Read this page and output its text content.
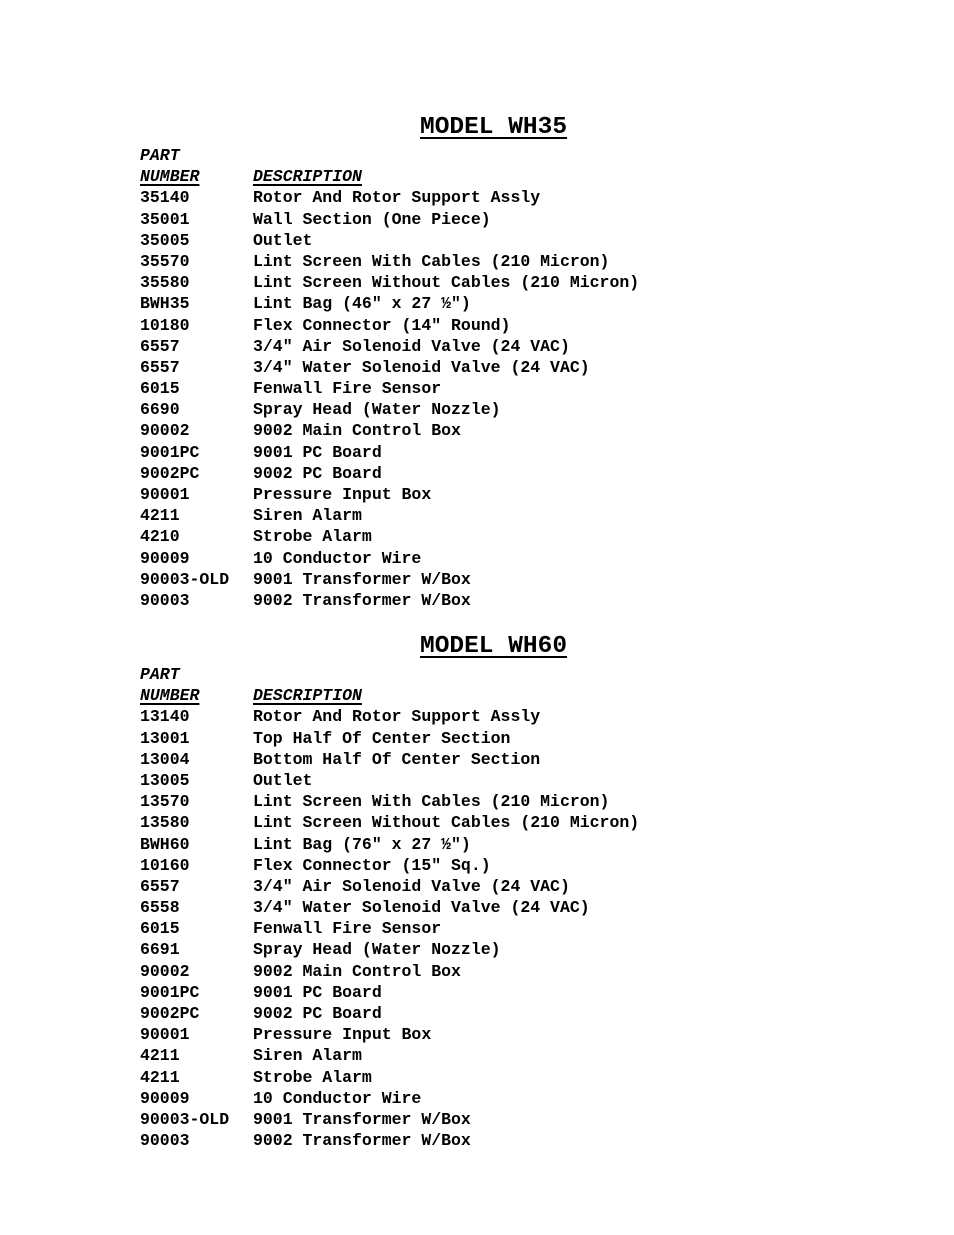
MODEL WH35
PART
NUMBER	DESCRIPTION
35140	Rotor And Rotor Support Assly
35001	Wall Section (One Piece)
35005	Outlet
35570	Lint Screen With Cables (210 Micron)
35580	Lint Screen Without Cables (210 Micron)
BWH35	Lint Bag (46″ x 27 ½″)
10180	Flex Connector (14″ Round)
6557	3/4″ Air Solenoid Valve (24 VAC)
6557	3/4" Water Solenoid Valve (24 VAC)
6015	Fenwall Fire Sensor
6690	Spray Head (Water Nozzle)
90002	9002 Main Control Box
9001PC	9001 PC Board
9002PC	9002 PC Board
90001	Pressure Input Box
4211	Siren Alarm
4210	Strobe Alarm
90009	10 Conductor Wire
90003-OLD	9001 Transformer W/Box
90003	9002 Transformer W/Box
MODEL WH60
PART
NUMBER	DESCRIPTION
13140	Rotor And Rotor Support Assly
13001	Top Half Of Center Section
13004	Bottom Half Of Center Section
13005	Outlet
13570	Lint Screen With Cables (210 Micron)
13580	Lint Screen Without Cables (210 Micron)
BWH60	Lint Bag (76″ x 27 ½″)
10160	Flex Connector (15″ Sq.)
6557	3/4″ Air Solenoid Valve (24 VAC)
6558	3/4" Water Solenoid Valve (24 VAC)
6015	Fenwall Fire Sensor
6691	Spray Head (Water Nozzle)
90002	9002 Main Control Box
9001PC	9001 PC Board
9002PC	9002 PC Board
90001	Pressure Input Box
4211	Siren Alarm
4211	Strobe Alarm
90009	10 Conductor Wire
90003-OLD	9001 Transformer W/Box
90003	9002 Transformer W/Box
